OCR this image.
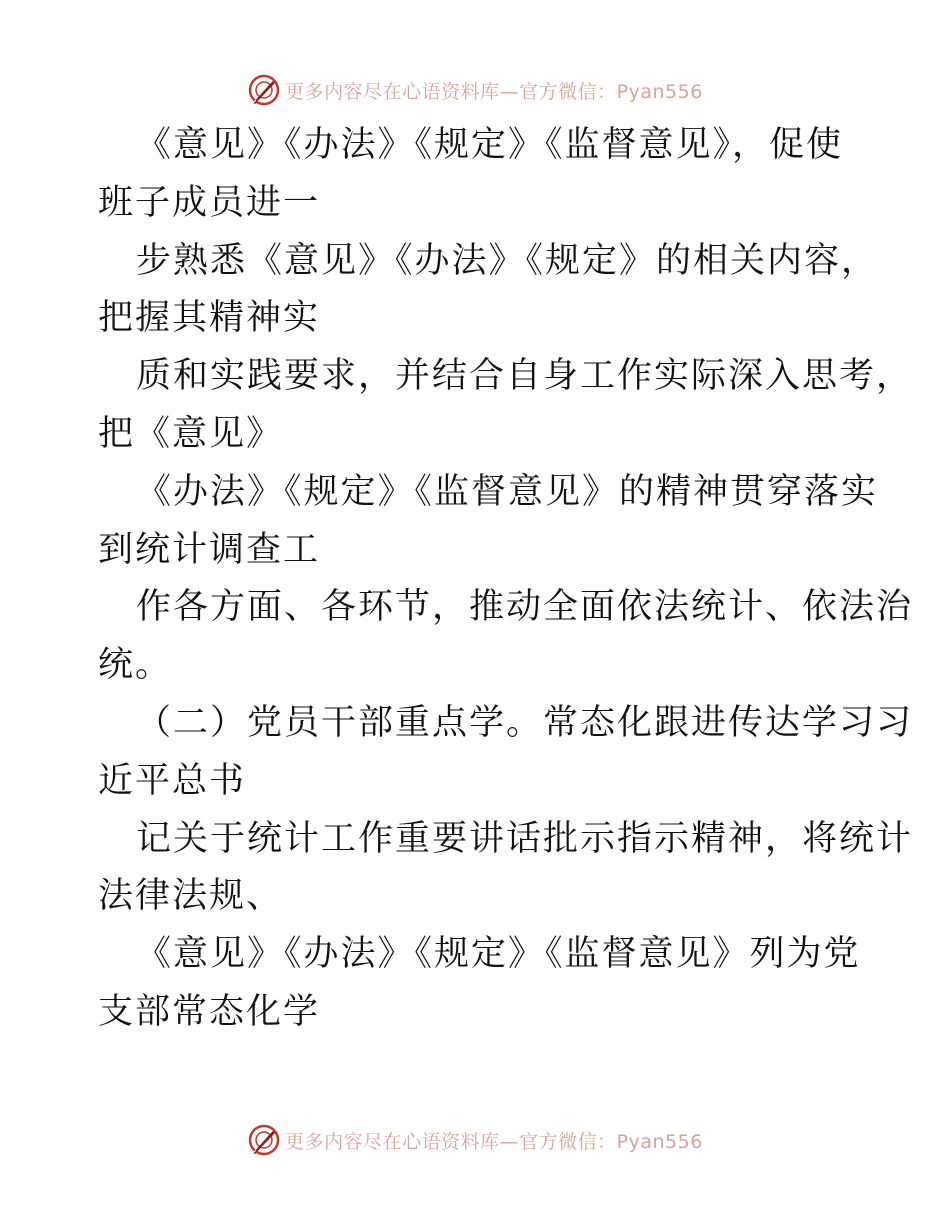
更多内容尽在心语资料库—官方微信：Pyan556
《意见》《办法》《规定》《监督意见》，促使
班子成员进一
步熟悉《意见》《办法》《规定》的相关内容，
把握其精神实
质和实践要求，并结合自身工作实际深入思考，
把《意见》
《办法》《规定》《监督意见》的精神贯穿落实
到统计调查工
作各方面、各环节，推动全面依法统计、依法治
统。
（二）党员干部重点学。常态化跟进传达学习习
近平总书
记关于统计工作重要讲话批示指示精神，将统计
法律法规、
《意见》《办法》《规定》《监督意见》列为党
支部常态化学
更多内容尽在心语资料库—官方微信：Pyan556
